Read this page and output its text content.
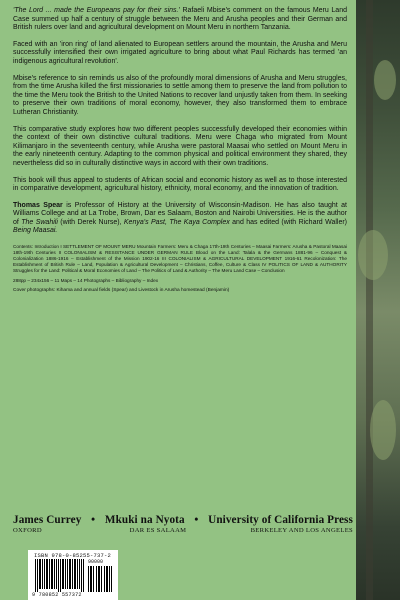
'The Lord ... made the Europeans pay for their sins.' Rafaeli Mbise's comment on the famous Meru Land Case summed up half a century of struggle between the Meru and Arusha peoples and their German and British rulers over land and agricultural development on Mount Meru in northern Tanzania.

Faced with an 'iron ring' of land alienated to European settlers around the mountain, the Arusha and Meru successfully intensified their own irrigated agriculture to bring about what Paul Richards has termed 'an indigenous agricultural revolution'.

Mbise's reference to sin reminds us also of the profoundly moral dimensions of Arusha and Meru struggles, from the time Arusha killed the first missionaries to settle among them to preserve the land from pollution to the time the Meru took the British to the United Nations to recover land unjustly taken from them. In seeking to preserve their own traditions of moral economy, however, they also transformed them to embrace Lutheran Christianity.

This comparative study explores how two different peoples successfully developed their economies within the context of their own distinctive cultural traditions. Meru were Chaga who migrated from Mount Kilimanjaro in the seventeenth century, while Arusha were pastoral Maasai who settled on Mount Meru in the early nineteenth century. Adapting to the common physical and political environment they shared, they nevertheless did so in culturally distinctive ways in accord with their own traditions.

This book will thus appeal to students of African social and economic history as well as to those interested in comparative development, agricultural history, ethnicity, moral economy, and the innovation of tradition.

Thomas Spear is Professor of History at the University of Wisconsin-Madison. He has also taught at Williams College and at La Trobe, Brown, Dar es Salaam, Boston and Nairobi Universities. He is the author of The Swahili (with Derek Nurse), Kenya's Past, The Kaya Complex and has edited (with Richard Waller) Being Maasai.

Contents: Introduction I SETTLEMENT OF MOUNT MERU Mountain Farmers: Meru & Chaga 17th-19th Centuries – Maasai Farmers: Arusha & Pastoral Maasai 18th-19th Centuries II COLONIALISM & RESISTANCE UNDER GERMAN RULE Blood on the Land: Talala & the Germans 1881-96 – Conquest & Colonialization 1886-1916 – Establishment of the Mission 1902-16 III COLONIALISM & AGRICULTURAL DEVELOPMENT 1916-61 Recolonization: The Establishment of British Rule – Land, Population & Agricultural Development – Christians, Coffee, Culture & Class IV POLITICS OF LAND & AUTHORITY Struggles for the Land: Political & Moral Economies of Land – The Politics of Land & Authority – The Meru Land Case – Conclusion

288pp – 234x156 – 11 Maps – 14 Photographs – Bibliography – Index

Cover photographs: Kihama and annual fields (Spear) and Livestock in Arusha homestead (Benjamin)

James Currey • Mkuki na Nyota • University of California Press
OXFORD	DAR ES SALAAM	BERKELEY AND LOS ANGELES
ISBN 978-0-85255-737-2
90000
9 780852 557372
